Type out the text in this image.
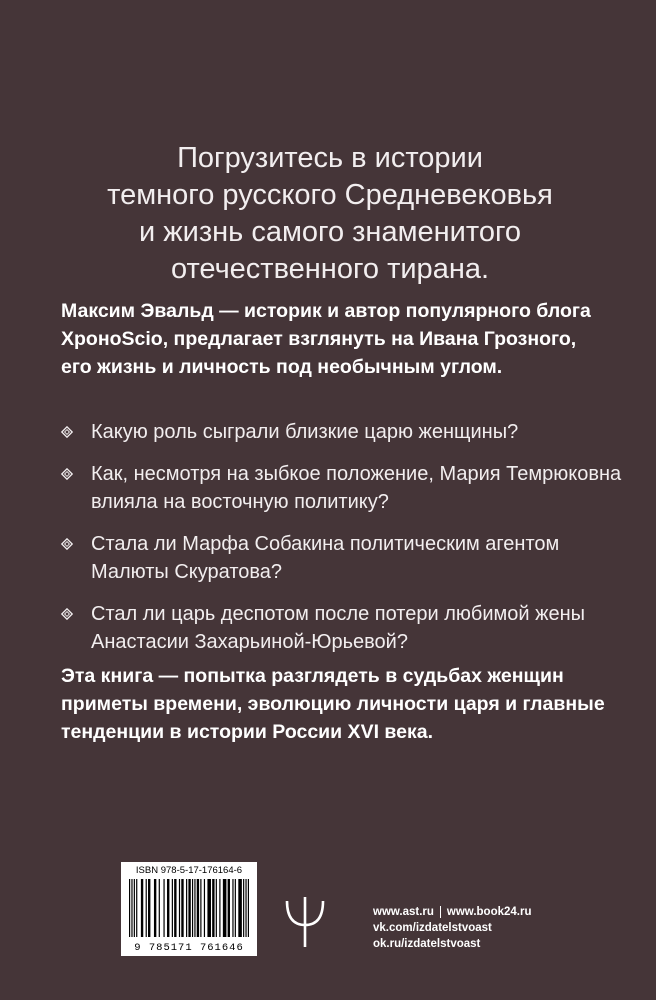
Погрузитесь в истории
темного русского Средневековья
и жизнь самого знаменитого
отечественного тирана.
Максим Эвальд — историк и автор популярного блога
ХроноScio, предлагает взглянуть на Ивана Грозного,
его жизнь и личность под необычным углом.
Какую роль сыграли близкие царю женщины?
Как, несмотря на зыбкое положение, Мария Темрюковна
влияла на восточную политику?
Стала ли Марфа Собакина политическим агентом
Малюты Скуратова?
Стал ли царь деспотом после потери любимой жены
Анастасии Захарьиной-Юрьевой?
Эта книга — попытка разглядеть в судьбах женщин
приметы времени, эволюцию личности царя и главные
тенденции в истории России XVI века.
ISBN 978-5-17-176164-6
9 785171 761646
www.ast.ru www.book24.ru
vk.com/izdatelstvoast
ok.ru/izdatelstvoast
